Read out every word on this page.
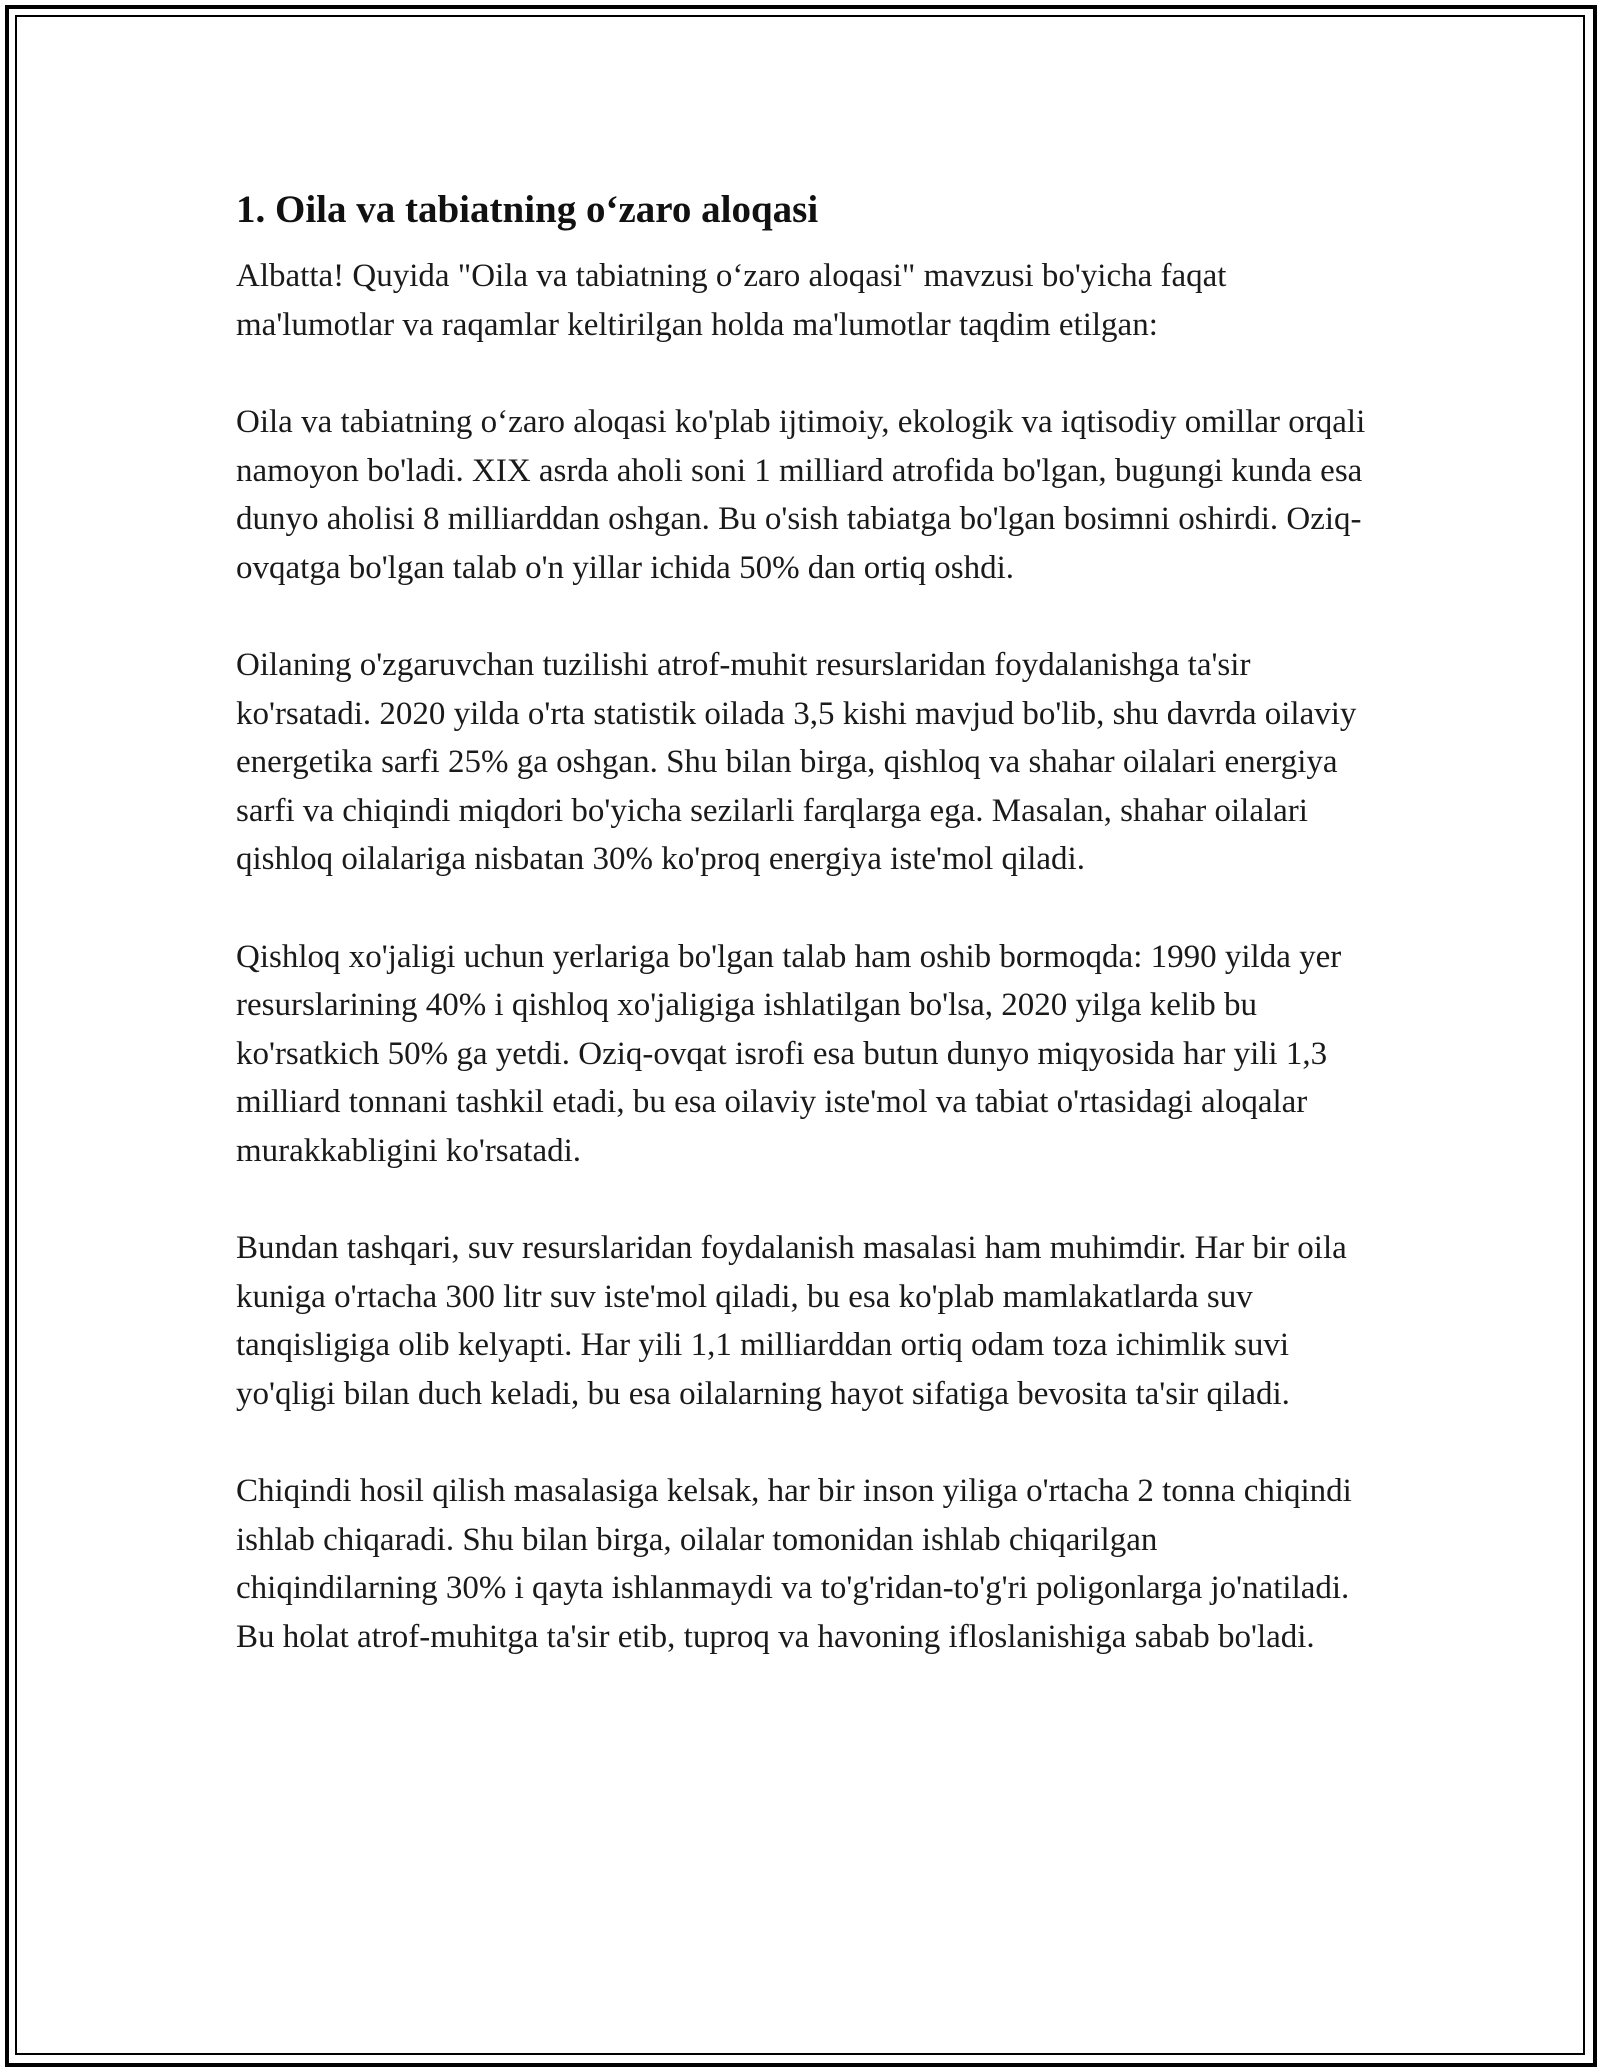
1. Oila va tabiatning o‘zaro aloqasi

Albatta! Quyida "Oila va tabiatning o‘zaro aloqasi" mavzusi bo'yicha faqat ma'lumotlar va raqamlar keltirilgan holda ma'lumotlar taqdim etilgan:

Oila va tabiatning o‘zaro aloqasi ko'plab ijtimoiy, ekologik va iqtisodiy omillar orqali namoyon bo'ladi. XIX asrda aholi soni 1 milliard atrofida bo'lgan, bugungi kunda esa dunyo aholisi 8 milliarddan oshgan. Bu o'sish tabiatga bo'lgan bosimni oshirdi. Oziq-ovqatga bo'lgan talab o'n yillar ichida 50% dan ortiq oshdi.

Oilaning o'zgaruvchan tuzilishi atrof-muhit resurslaridan foydalanishga ta'sir ko'rsatadi. 2020 yilda o'rta statistik oilada 3,5 kishi mavjud bo'lib, shu davrda oilaviy energetika sarfi 25% ga oshgan. Shu bilan birga, qishloq va shahar oilalari energiya sarfi va chiqindi miqdori bo'yicha sezilarli farqlarga ega. Masalan, shahar oilalari qishloq oilalariga nisbatan 30% ko'proq energiya iste'mol qiladi.

Qishloq xo'jaligi uchun yerlariga bo'lgan talab ham oshib bormoqda: 1990 yilda yer resurslarining 40% i qishloq xo'jaligiga ishlatilgan bo'lsa, 2020 yilga kelib bu ko'rsatkich 50% ga yetdi. Oziq-ovqat isrofi esa butun dunyo miqyosida har yili 1,3 milliard tonnani tashkil etadi, bu esa oilaviy iste'mol va tabiat o'rtasidagi aloqalar murakkabligini ko'rsatadi.

Bundan tashqari, suv resurslaridan foydalanish masalasi ham muhimdir. Har bir oila kuniga o'rtacha 300 litr suv iste'mol qiladi, bu esa ko'plab mamlakatlarda suv tanqisligiga olib kelyapti. Har yili 1,1 milliarddan ortiq odam toza ichimlik suvi yo'qligi bilan duch keladi, bu esa oilalarning hayot sifatiga bevosita ta'sir qiladi.

Chiqindi hosil qilish masalasiga kelsak, har bir inson yiliga o'rtacha 2 tonna chiqindi ishlab chiqaradi. Shu bilan birga, oilalar tomonidan ishlab chiqarilgan chiqindilarning 30% i qayta ishlanmaydi va to'g'ridan-to'g'ri poligonlarga jo'natiladi. Bu holat atrof-muhitga ta'sir etib, tuproq va havoning ifloslanishiga sabab bo'ladi.
